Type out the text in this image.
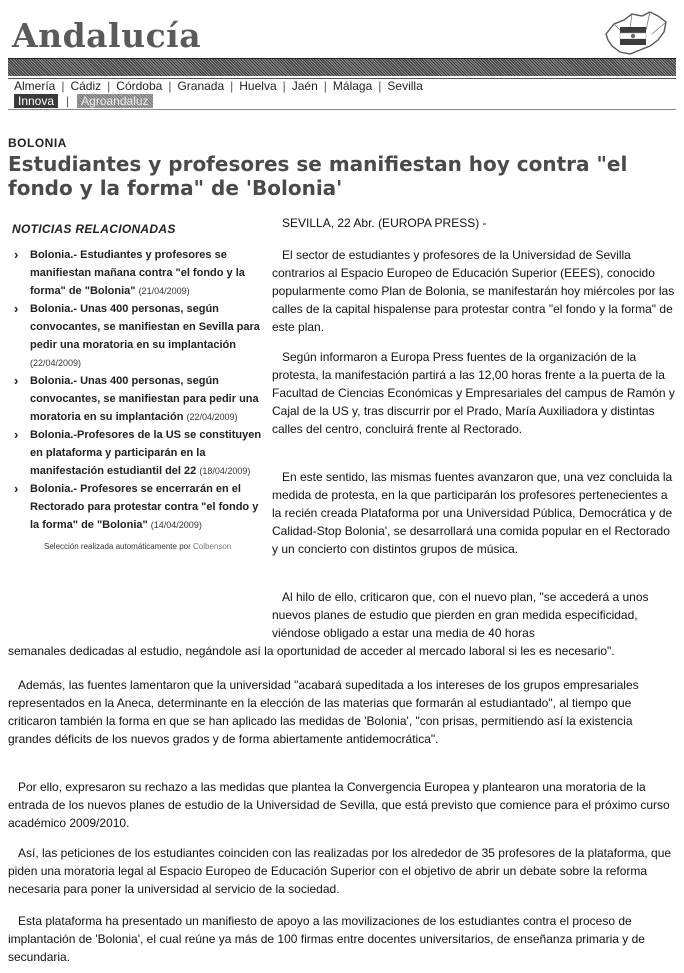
Andalucía
Almería | Cádiz | Córdoba | Granada | Huelva | Jaén | Málaga | Sevilla
Innova | Agroandaluz
BOLONIA
Estudiantes y profesores se manifiestan hoy contra "el fondo y la forma" de 'Bolonia'
NOTICIAS RELACIONADAS
› Bolonia.- Estudiantes y profesores se manifiestan mañana contra "el fondo y la forma" de "Bolonia" (21/04/2009)
› Bolonia.- Unas 400 personas, según convocantes, se manifiestan en Sevilla para pedir una moratoria en su implantación (22/04/2009)
› Bolonia.- Unas 400 personas, según convocantes, se manifiestan para pedir una moratoria en su implantación (22/04/2009)
› Bolonia.-Profesores de la US se constituyen en plataforma y participarán en la manifestación estudiantil del 22 (18/04/2009)
› Bolonia.- Profesores se encerrarán en el Rectorado para protestar contra "el fondo y la forma" de "Bolonia" (14/04/2009)
Selección realizada automáticamente por Colbenson

SEVILLA, 22 Abr. (EUROPA PRESS) -

El sector de estudiantes y profesores de la Universidad de Sevilla contrarios al Espacio Europeo de Educación Superior (EEES), conocido popularmente como Plan de Bolonia, se manifestarán hoy miércoles por las calles de la capital hispalense para protestar contra "el fondo y la forma" de este plan.

Según informaron a Europa Press fuentes de la organización de la protesta, la manifestación partirá a las 12,00 horas frente a la puerta de la Facultad de Ciencias Económicas y Empresariales del campus de Ramón y Cajal de la US y, tras discurrir por el Prado, María Auxiliadora y distintas calles del centro, concluirá frente al Rectorado.

En este sentido, las mismas fuentes avanzaron que, una vez concluida la medida de protesta, en la que participarán los profesores pertenecientes a la recién creada Plataforma por una Universidad Pública, Democrática y de Calidad-Stop Bolonia', se desarrollará una comida popular en el Rectorado y un concierto con distintos grupos de música.

Al hilo de ello, criticaron que, con el nuevo plan, "se accederá a unos nuevos planes de estudio que pierden en gran medida especificidad, viéndose obligado a estar una media de 40 horas

semanales dedicadas al estudio, negándole así la oportunidad de acceder al mercado laboral si les es necesario".

Además, las fuentes lamentaron que la universidad "acabará supeditada a los intereses de los grupos empresariales representados en la Aneca, determinante en la elección de las materias que formarán al estudiantado", al tiempo que criticaron también la forma en que se han aplicado las medidas de 'Bolonia', "con prisas, permitiendo así la existencia grandes déficits de los nuevos grados y de forma abiertamente antidemocrática".

Por ello, expresaron su rechazo a las medidas que plantea la Convergencia Europea y plantearon una moratoria de la entrada de los nuevos planes de estudio de la Universidad de Sevilla, que está previsto que comience para el próximo curso académico 2009/2010.

Así, las peticiones de los estudiantes coinciden con las realizadas por los alrededor de 35 profesores de la plataforma, que piden una moratoria legal al Espacio Europeo de Educación Superior con el objetivo de abrir un debate sobre la reforma necesaria para poner la universidad al servicio de la sociedad.

Esta plataforma ha presentado un manifiesto de apoyo a las movilizaciones de los estudiantes contra el proceso de implantación de 'Bolonia', el cual reúne ya más de 100 firmas entre docentes universitarios, de enseñanza primaria y de secundaria.
